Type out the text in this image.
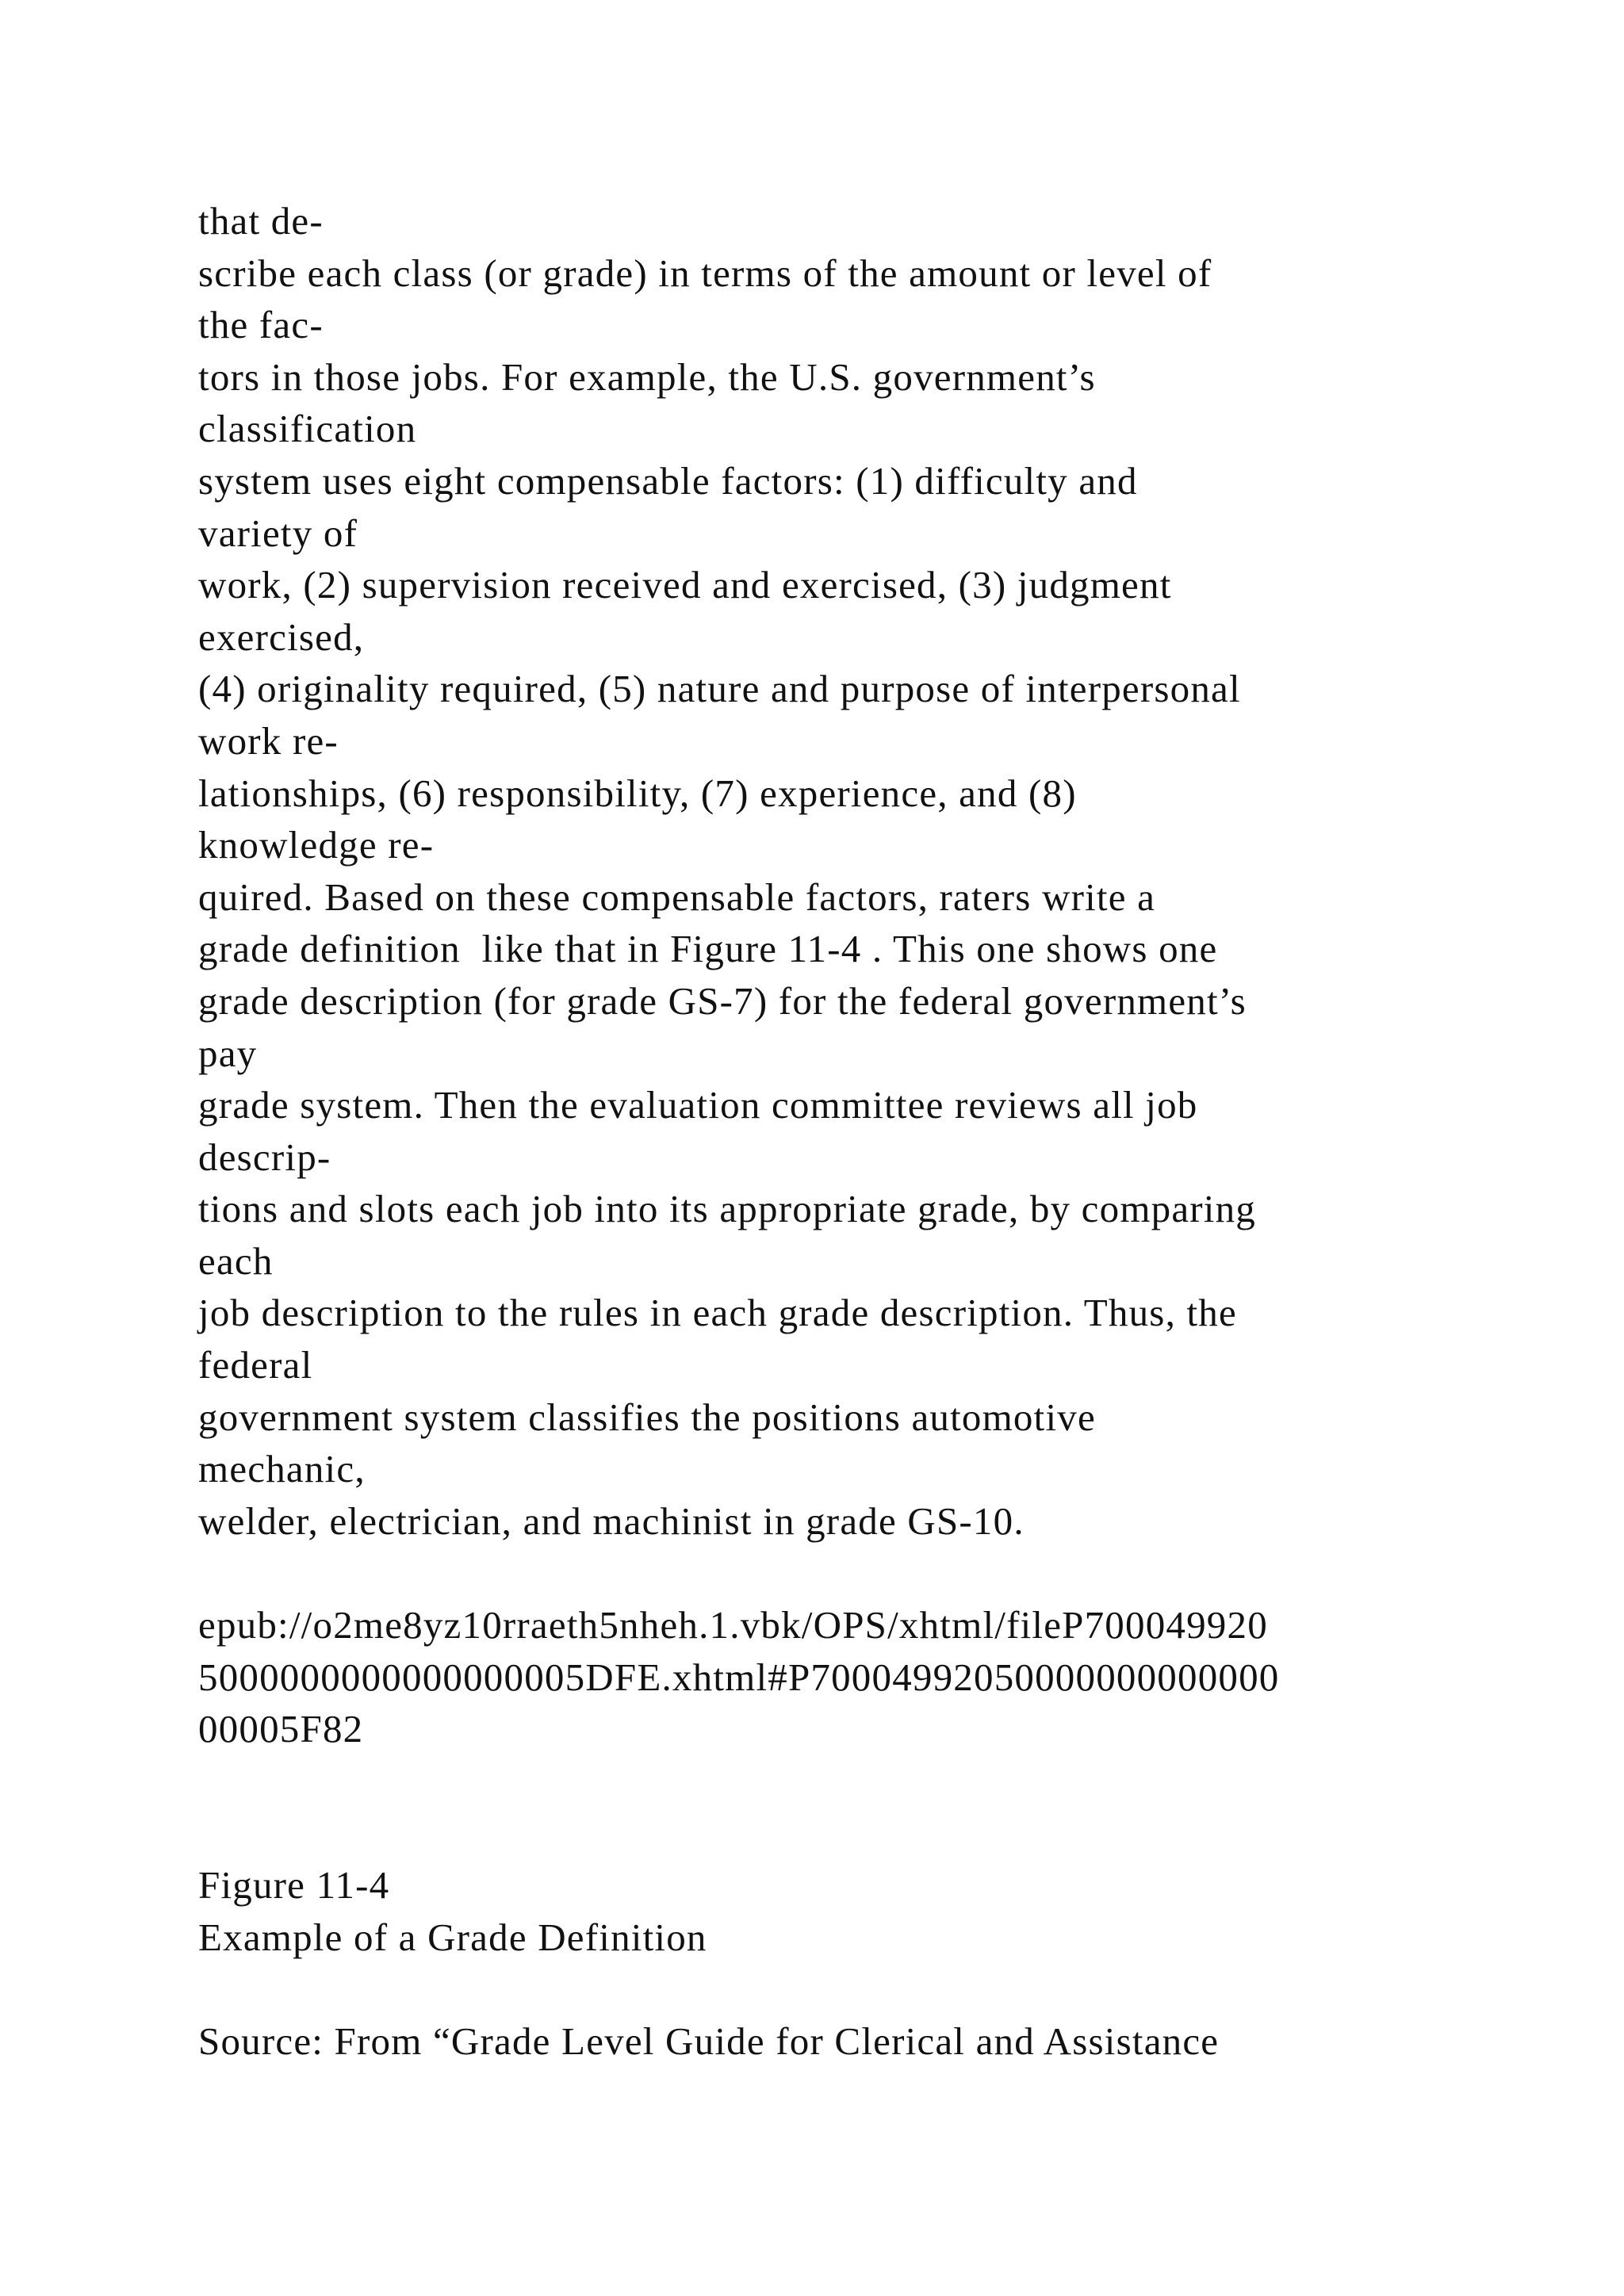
that de-
scribe each class (or grade) in terms of the amount or level of
the fac-
tors in those jobs. For example, the U.S. government’s
classification
system uses eight compensable factors: (1) difficulty and
variety of
work, (2) supervision received and exercised, (3) judgment
exercised,
(4) originality required, (5) nature and purpose of interpersonal
work re-
lationships, (6) responsibility, (7) experience, and (8)
knowledge re-
quired. Based on these compensable factors, raters write a
grade definition  like that in Figure 11-4 . This one shows one
grade description (for grade GS-7) for the federal government’s
pay
grade system. Then the evaluation committee reviews all job
descrip-
tions and slots each job into its appropriate grade, by comparing
each
job description to the rules in each grade description. Thus, the
federal
government system classifies the positions automotive
mechanic,
welder, electrician, and machinist in grade GS-10.
epub://o2me8yz10rraeth5nheh.1.vbk/OPS/xhtml/fileP700049920
5000000000000000005DFE.xhtml#P70004992050000000000000
00005F82
Figure 11-4
Example of a Grade Definition
Source: From “Grade Level Guide for Clerical and Assistance
